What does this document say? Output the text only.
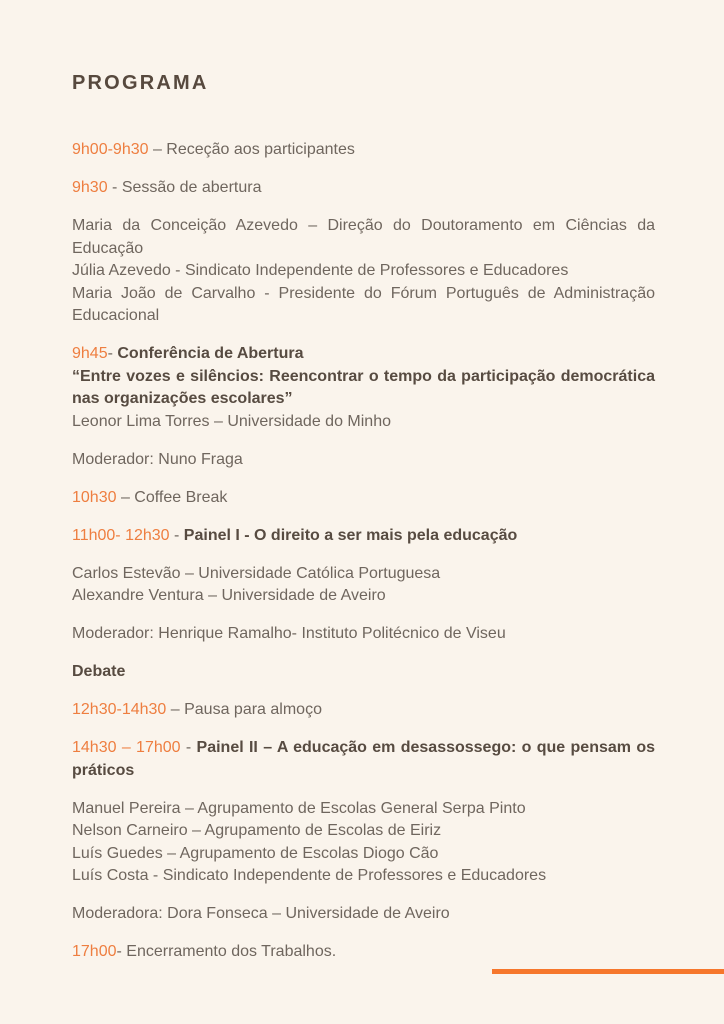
PROGRAMA

9h00-9h30 – Receção aos participantes

9h30 - Sessão de abertura

Maria da Conceição Azevedo – Direção do Doutoramento em Ciências da
Educação
Júlia Azevedo - Sindicato Independente de Professores e Educadores
Maria João de Carvalho - Presidente do Fórum Português de Administração
Educacional

9h45- Conferência de Abertura
“Entre vozes e silêncios: Reencontrar o tempo da participação democrática
nas organizações escolares”
Leonor Lima Torres – Universidade do Minho

Moderador: Nuno Fraga

10h30 – Coffee Break

11h00- 12h30 - Painel I - O direito a ser mais pela educação

Carlos Estevão – Universidade Católica Portuguesa
Alexandre Ventura – Universidade de Aveiro

Moderador: Henrique Ramalho- Instituto Politécnico de Viseu

Debate

12h30-14h30 – Pausa para almoço

14h30 – 17h00 - Painel II – A educação em desassossego: o que pensam os
práticos

Manuel Pereira – Agrupamento de Escolas General Serpa Pinto
Nelson Carneiro – Agrupamento de Escolas de Eiriz
Luís Guedes – Agrupamento de Escolas Diogo Cão
Luís Costa - Sindicato Independente de Professores e Educadores

Moderadora: Dora Fonseca – Universidade de Aveiro

17h00- Encerramento dos Trabalhos.
